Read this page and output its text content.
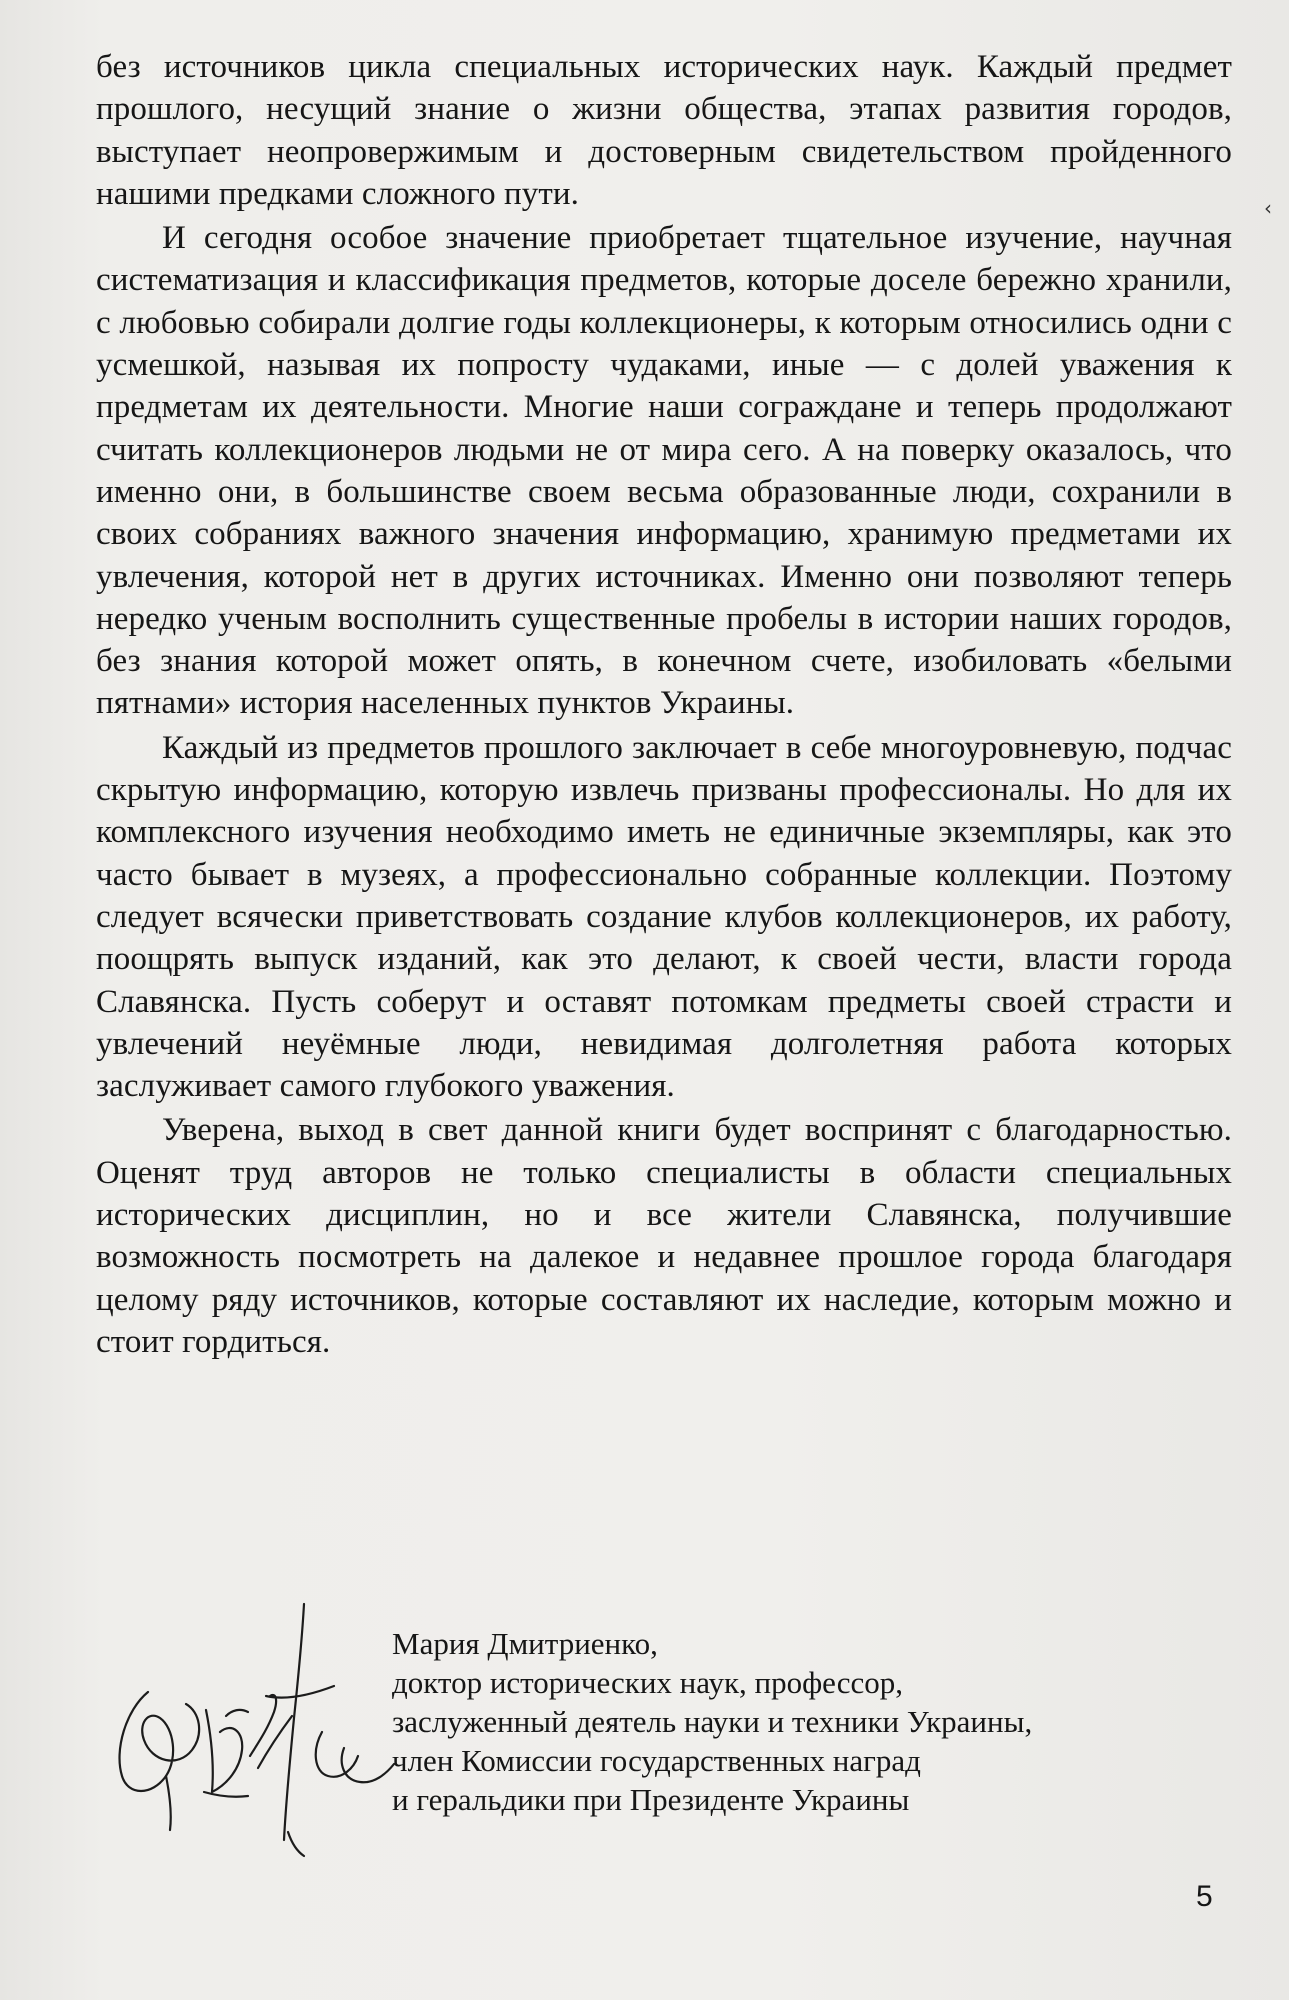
без источников цикла специальных исторических наук. Каждый предмет прошлого, несущий знание о жизни общества, этапах развития городов, выступает неопровержимым и достоверным свидетельством пройденного нашими предками сложного пути.

И сегодня особое значение приобретает тщательное изучение, научная систематизация и классификация предметов, которые доселе бережно хранили, с любовью собирали долгие годы коллекционеры, к которым относились одни с усмешкой, называя их попросту чудаками, иные — с долей уважения к предметам их деятельности. Многие наши сограждане и теперь продолжают считать коллекционеров людьми не от мира сего. А на поверку оказалось, что именно они, в большинстве своем весьма образованные люди, сохранили в своих собраниях важного значения информацию, хранимую предметами их увлечения, которой нет в других источниках. Именно они позволяют теперь нередко ученым восполнить существенные пробелы в истории наших городов, без знания которой может опять, в конечном счете, изобиловать «белыми пятнами» история населенных пунктов Украины.

Каждый из предметов прошлого заключает в себе многоуровневую, подчас скрытую информацию, которую извлечь призваны профессионалы. Но для их комплексного изучения необходимо иметь не единичные экземпляры, как это часто бывает в музеях, а профессионально собранные коллекции. Поэтому следует всячески приветствовать создание клубов коллекционеров, их работу, поощрять выпуск изданий, как это делают, к своей чести, власти города Славянска. Пусть соберут и оставят потомкам предметы своей страсти и увлечений неуёмные люди, невидимая долголетняя работа которых заслуживает самого глубокого уважения.

Уверена, выход в свет данной книги будет воспринят с благодарностью. Оценят труд авторов не только специалисты в области специальных исторических дисциплин, но и все жители Славянска, получившие возможность посмотреть на далекое и недавнее прошлое города благодаря целому ряду источников, которые составляют их наследие, которым можно и стоит гордиться.

‹
Мария Дмитриенко,
доктор исторических наук, профессор,
заслуженный деятель науки и техники Украины,
член Комиссии государственных наград
и геральдики при Президенте Украины
5
